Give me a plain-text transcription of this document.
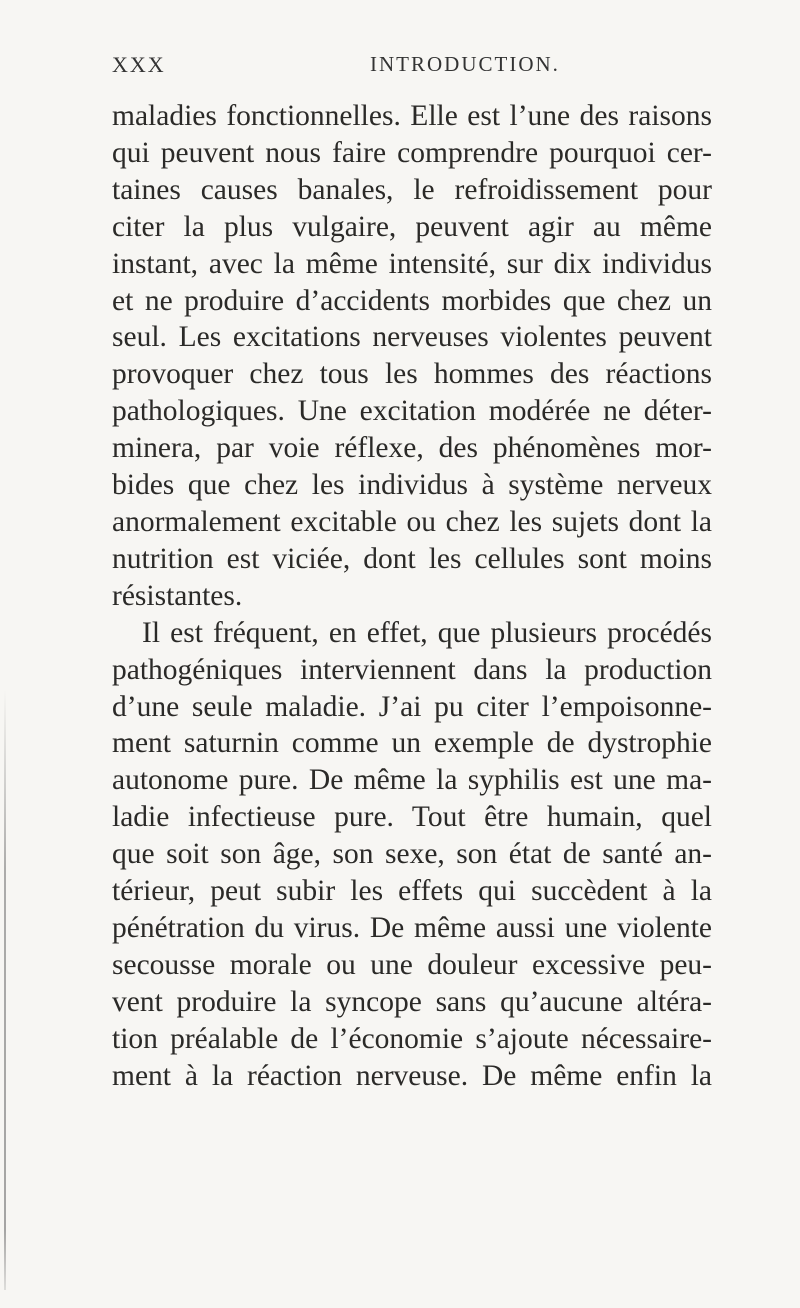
XXX	INTRODUCTION.
maladies fonctionnelles. Elle est l’une des raisons
qui peuvent nous faire comprendre pourquoi cer-
taines causes banales, le refroidissement pour
citer la plus vulgaire, peuvent agir au même
instant, avec la même intensité, sur dix individus
et ne produire d’accidents morbides que chez un
seul. Les excitations nerveuses violentes peuvent
provoquer chez tous les hommes des réactions
pathologiques. Une excitation modérée ne déter-
minera, par voie réflexe, des phénomènes mor-
bides que chez les individus à système nerveux
anormalement excitable ou chez les sujets dont la
nutrition est viciée, dont les cellules sont moins
résistantes.
Il est fréquent, en effet, que plusieurs procédés
pathogéniques interviennent dans la production
d’une seule maladie. J’ai pu citer l’empoisonne-
ment saturnin comme un exemple de dystrophie
autonome pure. De même la syphilis est une ma-
ladie infectieuse pure. Tout être humain, quel
que soit son âge, son sexe, son état de santé an-
térieur, peut subir les effets qui succèdent à la
pénétration du virus. De même aussi une violente
secousse morale ou une douleur excessive peu-
vent produire la syncope sans qu’aucune altéra-
tion préalable de l’économie s’ajoute nécessaire-
ment à la réaction nerveuse. De même enfin la
